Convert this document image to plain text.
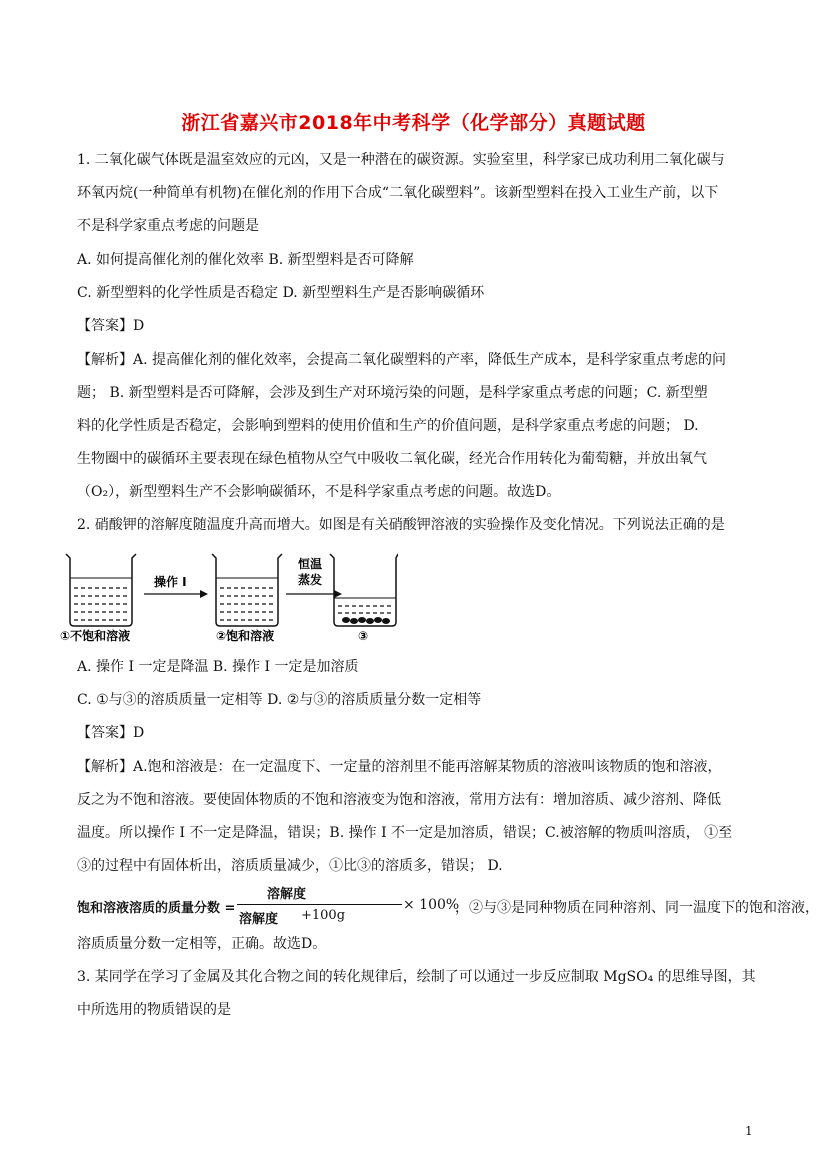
浙江省嘉兴市2018年中考科学（化学部分）真题试题
1. 二氧化碳气体既是温室效应的元凶，又是一种潜在的碳资源。实验室里，科学家已成功利用二氧化碳与
环氧丙烷(一种简单有机物)在催化剂的作用下合成“二氧化碳塑料”。该新型塑料在投入工业生产前，以下
不是科学家重点考虑的问题是
A. 如何提高催化剂的催化效率 B. 新型塑料是否可降解
C. 新型塑料的化学性质是否稳定 D. 新型塑料生产是否影响碳循环
【答案】D
【解析】A. 提高催化剂的催化效率，会提高二氧化碳塑料的产率，降低生产成本，是科学家重点考虑的问
题； B. 新型塑料是否可降解，会涉及到生产对环境污染的问题，是科学家重点考虑的问题；C. 新型塑
料的化学性质是否稳定，会影响到塑料的使用价值和生产的价值问题，是科学家重点考虑的问题； D.
生物圈中的碳循环主要表现在绿色植物从空气中吸收二氧化碳，经光合作用转化为葡萄糖，并放出氧气
（O₂），新型塑料生产不会影响碳循环，不是科学家重点考虑的问题。故选D。
2. 硝酸钾的溶解度随温度升高而增大。如图是有关硝酸钾溶液的实验操作及变化情况。下列说法正确的是
①不饱和溶液
操作 I
②饱和溶液
恒温
蒸发
③
A. 操作 I 一定是降温 B. 操作 I 一定是加溶质
C. ①与③的溶质质量一定相等 D. ②与③的溶质质量分数一定相等
【答案】D
【解析】A.饱和溶液是：在一定温度下、一定量的溶剂里不能再溶解某物质的溶液叫该物质的饱和溶液，
反之为不饱和溶液。要使固体物质的不饱和溶液变为饱和溶液，常用方法有：增加溶质、减少溶剂、降低
温度。所以操作 I 不一定是降温，错误；B. 操作 I 不一定是加溶质，错误；C.被溶解的物质叫溶质， ①至
③的过程中有固体析出，溶质质量减少，①比③的溶质多，错误； D.
饱和溶液溶质的质量分数 =
溶解度
溶解度 +100g
× 100%
，②与③是同种物质在同种溶剂、同一温度下的饱和溶液，
溶质质量分数一定相等，正确。故选D。
3. 某同学在学习了金属及其化合物之间的转化规律后，绘制了可以通过一步反应制取 MgSO₄ 的思维导图，其
中所选用的物质错误的是
1
